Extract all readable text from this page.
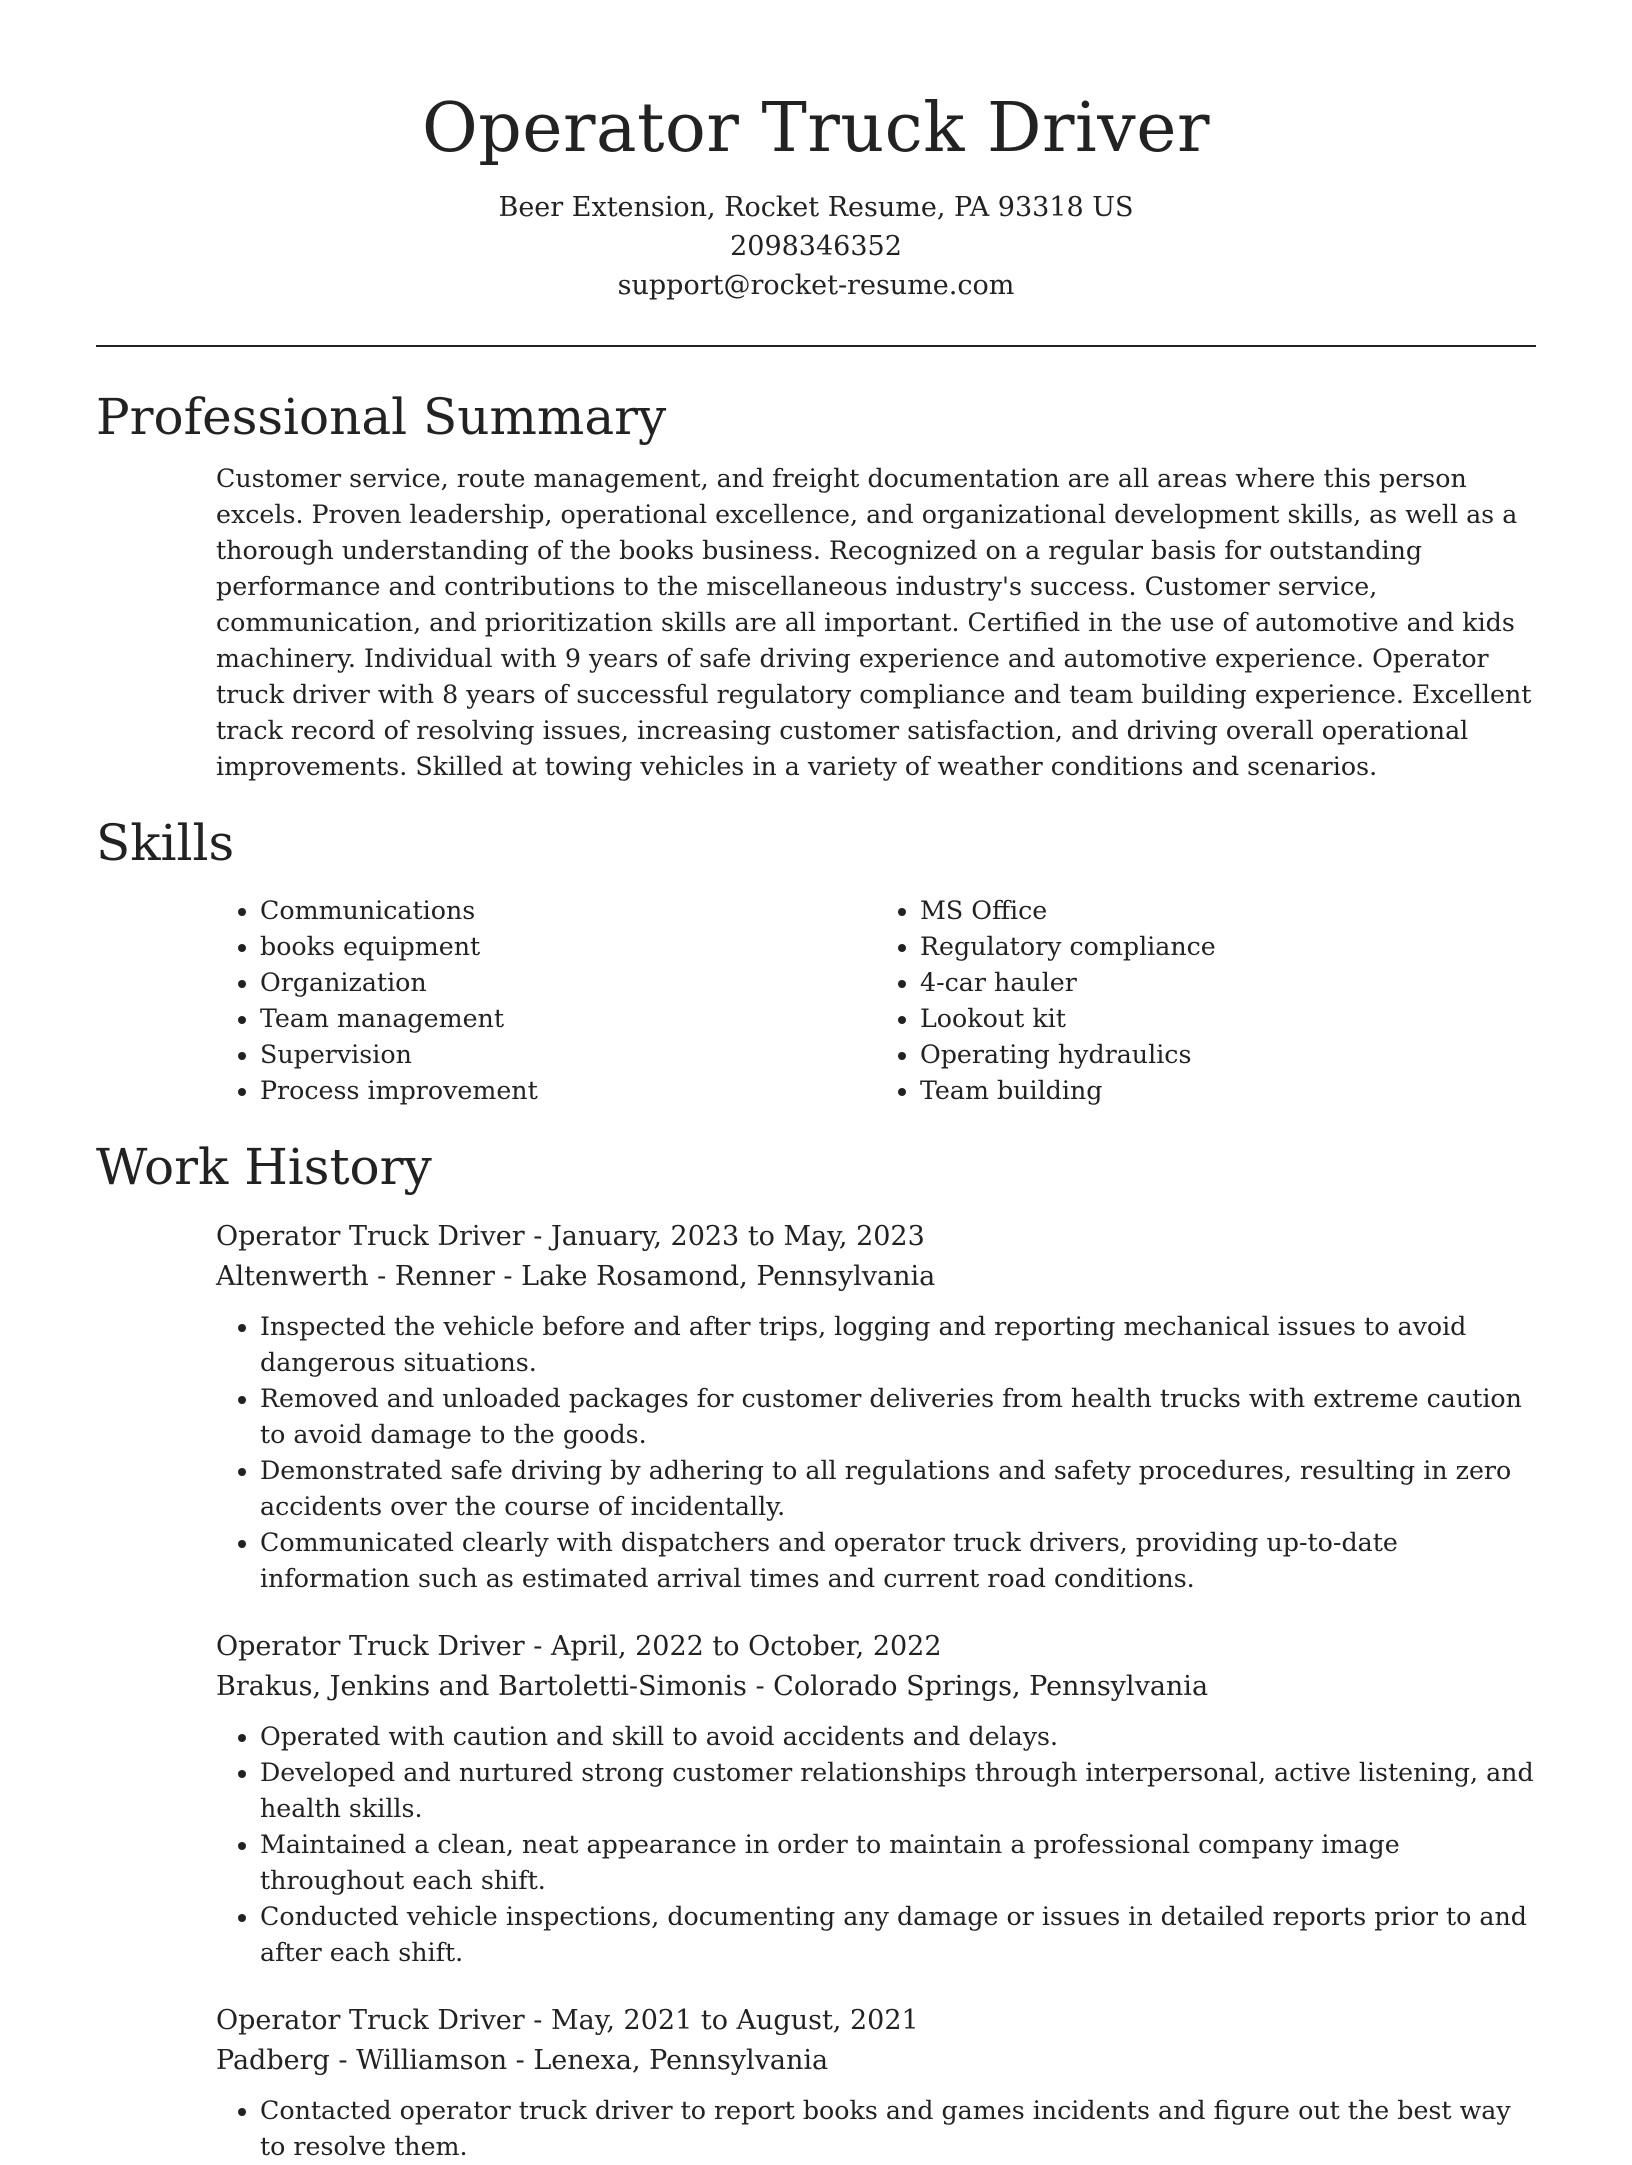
Operator Truck Driver
Beer Extension, Rocket Resume, PA 93318 US
2098346352
support@rocket-resume.com
Professional Summary

Customer service, route management, and freight documentation are all areas where this person excels. Proven leadership, operational excellence, and organizational development skills, as well as a thorough understanding of the books business. Recognized on a regular basis for outstanding performance and contributions to the miscellaneous industry's success. Customer service, communication, and prioritization skills are all important. Certified in the use of automotive and kids machinery. Individual with 9 years of safe driving experience and automotive experience. Operator truck driver with 8 years of successful regulatory compliance and team building experience. Excellent track record of resolving issues, increasing customer satisfaction, and driving overall operational improvements. Skilled at towing vehicles in a variety of weather conditions and scenarios.

Skills
• Communications
• books equipment
• Organization
• Team management
• Supervision
• Process improvement
• MS Office
• Regulatory compliance
• 4-car hauler
• Lookout kit
• Operating hydraulics
• Team building
Work History
Operator Truck Driver - January, 2023 to May, 2023
Altenwerth - Renner - Lake Rosamond, Pennsylvania
• Inspected the vehicle before and after trips, logging and reporting mechanical issues to avoid dangerous situations.
• Removed and unloaded packages for customer deliveries from health trucks with extreme caution to avoid damage to the goods.
• Demonstrated safe driving by adhering to all regulations and safety procedures, resulting in zero accidents over the course of incidentally.
• Communicated clearly with dispatchers and operator truck drivers, providing up-to-date information such as estimated arrival times and current road conditions.
Operator Truck Driver - April, 2022 to October, 2022
Brakus, Jenkins and Bartoletti-Simonis - Colorado Springs, Pennsylvania
• Operated with caution and skill to avoid accidents and delays.
• Developed and nurtured strong customer relationships through interpersonal, active listening, and health skills.
• Maintained a clean, neat appearance in order to maintain a professional company image throughout each shift.
• Conducted vehicle inspections, documenting any damage or issues in detailed reports prior to and after each shift.
Operator Truck Driver - May, 2021 to August, 2021
Padberg - Williamson - Lenexa, Pennsylvania
• Contacted operator truck driver to report books and games incidents and figure out the best way to resolve them.
